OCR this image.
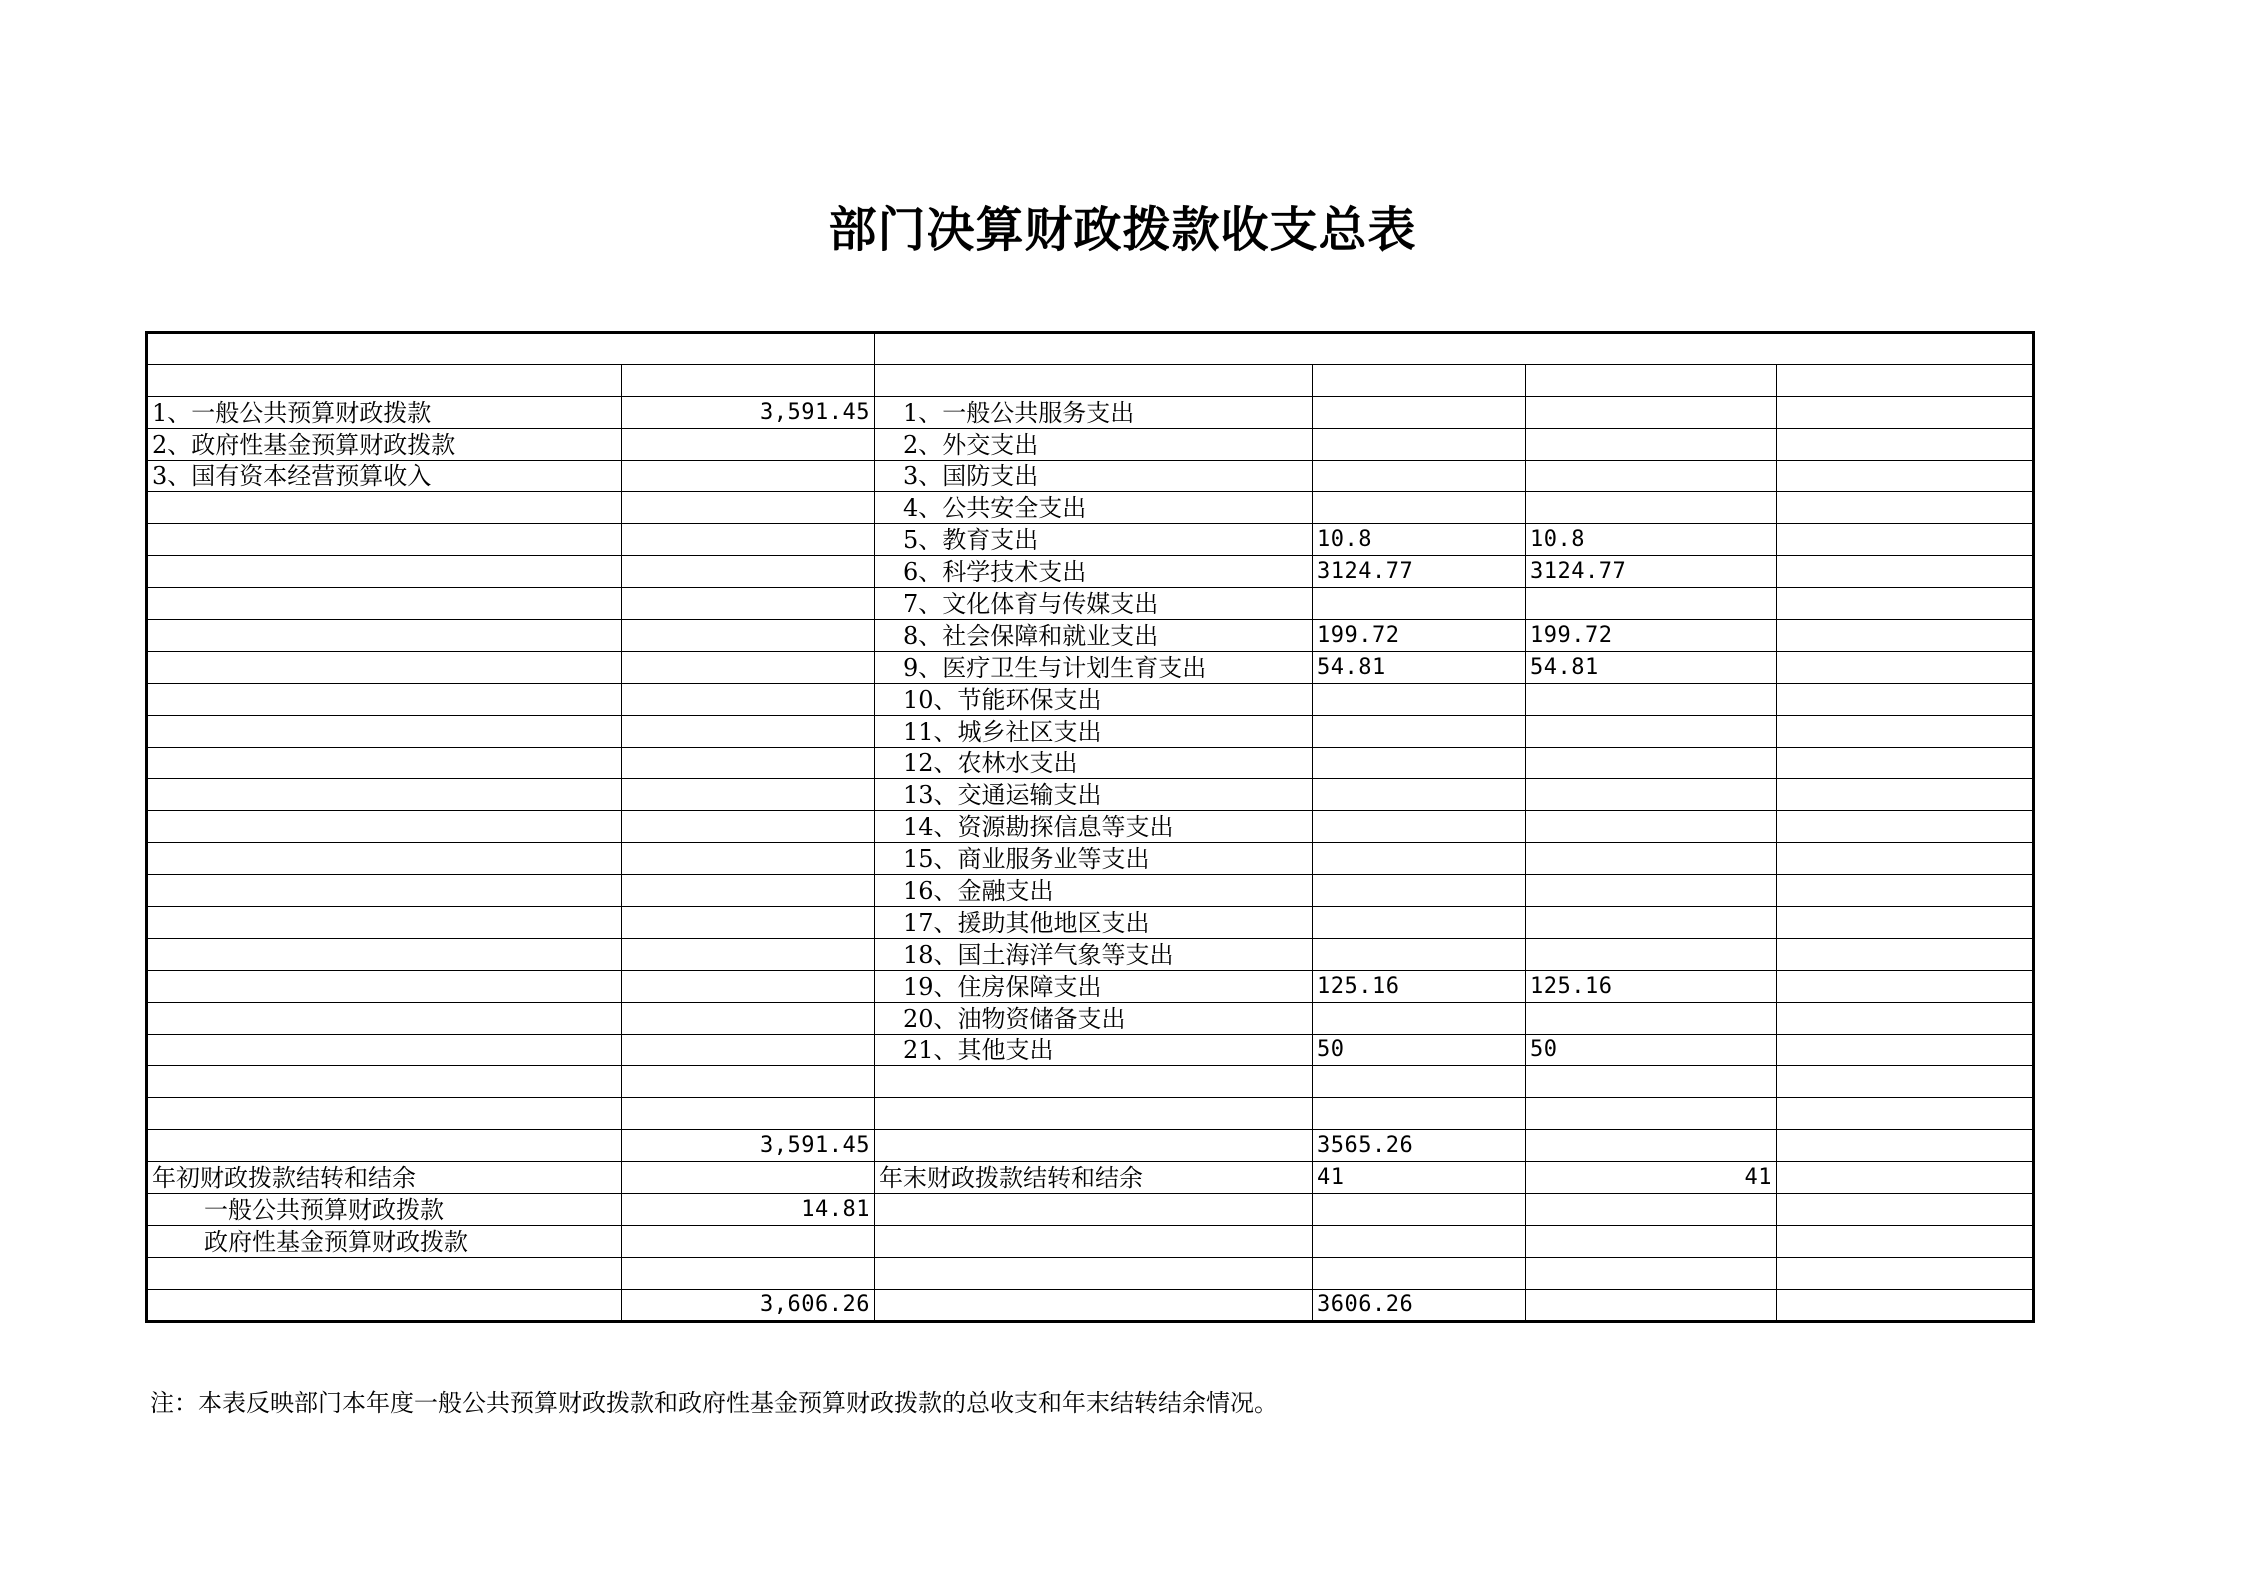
部门决算财政拨款收支总表

1、一般公共预算财政拨款	3,591.45	1、一般公共服务支出			
2、政府性基金预算财政拨款		2、外交支出			
3、国有资本经营预算收入		3、国防支出			
		4、公共安全支出			
		5、教育支出	10.8	10.8	
		6、科学技术支出	3124.77	3124.77	
		7、文化体育与传媒支出			
		8、社会保障和就业支出	199.72	199.72	
		9、医疗卫生与计划生育支出	54.81	54.81	
		10、节能环保支出			
		11、城乡社区支出			
		12、农林水支出			
		13、交通运输支出			
		14、资源勘探信息等支出			
		15、商业服务业等支出			
		16、金融支出			
		17、援助其他地区支出			
		18、国土海洋气象等支出			
		19、住房保障支出	125.16	125.16	
		20、油物资储备支出			
		21、其他支出	50	50	

	3,591.45		3565.26		
年初财政拨款结转和结余		年末财政拨款结转和结余	41	41	
一般公共预算财政拨款	14.81				
政府性基金预算财政拨款					

	3,606.26		3606.26		
注：本表反映部门本年度一般公共预算财政拨款和政府性基金预算财政拨款的总收支和年末结转结余情况。
